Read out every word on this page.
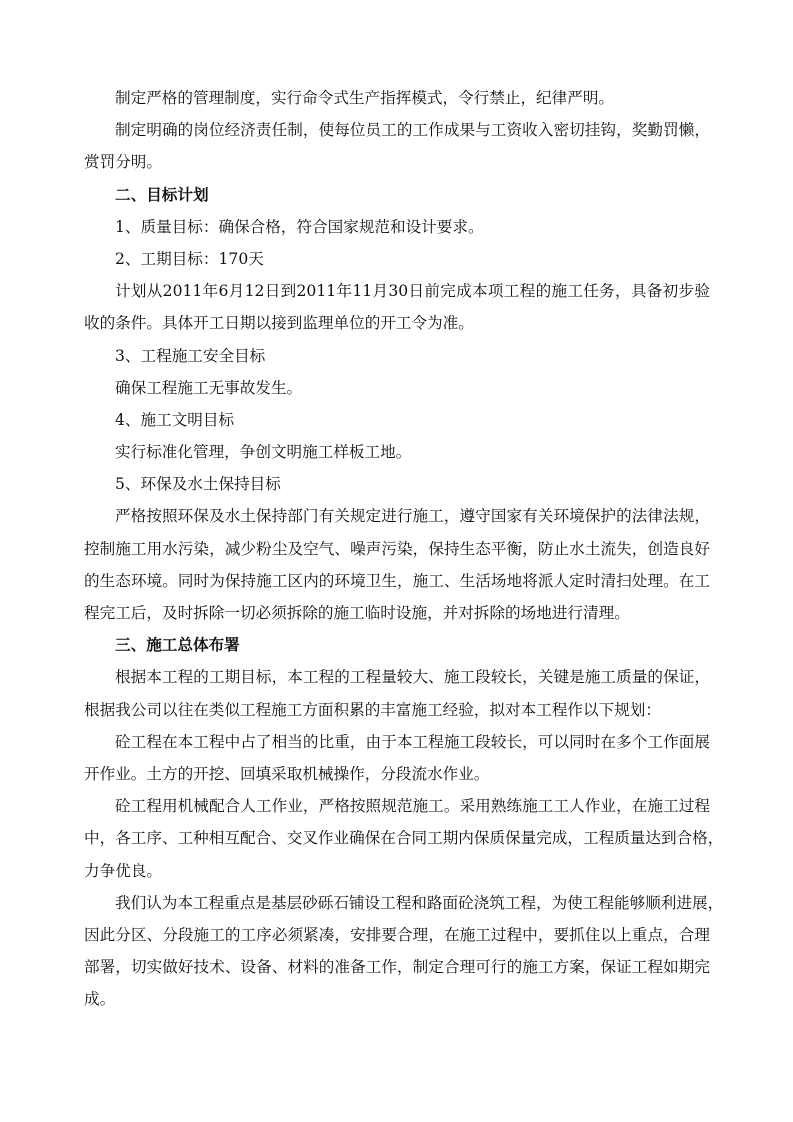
制定严格的管理制度，实行命令式生产指挥模式，令行禁止，纪律严明。
制定明确的岗位经济责任制，使每位员工的工作成果与工资收入密切挂钩，奖勤罚懒，
赏罚分明。
二、目标计划
1、质量目标：确保合格，符合国家规范和设计要求。
2、工期目标：170天
计划从2011年6月12日到2011年11月30日前完成本项工程的施工任务，具备初步验
收的条件。具体开工日期以接到监理单位的开工令为准。
3、工程施工安全目标
确保工程施工无事故发生。
4、施工文明目标
实行标准化管理，争创文明施工样板工地。
5、环保及水土保持目标
严格按照环保及水土保持部门有关规定进行施工，遵守国家有关环境保护的法律法规，
控制施工用水污染，减少粉尘及空气、噪声污染，保持生态平衡，防止水土流失，创造良好
的生态环境。同时为保持施工区内的环境卫生，施工、生活场地将派人定时清扫处理。在工
程完工后，及时拆除一切必须拆除的施工临时设施，并对拆除的场地进行清理。
三、施工总体布署
根据本工程的工期目标，本工程的工程量较大、施工段较长，关键是施工质量的保证，
根据我公司以往在类似工程施工方面积累的丰富施工经验，拟对本工程作以下规划：
砼工程在本工程中占了相当的比重，由于本工程施工段较长，可以同时在多个工作面展
开作业。土方的开挖、回填采取机械操作，分段流水作业。
砼工程用机械配合人工作业，严格按照规范施工。采用熟练施工工人作业，在施工过程
中，各工序、工种相互配合、交叉作业确保在合同工期内保质保量完成，工程质量达到合格，
力争优良。
我们认为本工程重点是基层砂砾石铺设工程和路面砼浇筑工程，为使工程能够顺利进展，
因此分区、分段施工的工序必须紧凑，安排要合理，在施工过程中，要抓住以上重点，合理
部署，切实做好技术、设备、材料的准备工作，制定合理可行的施工方案，保证工程如期完
成。
